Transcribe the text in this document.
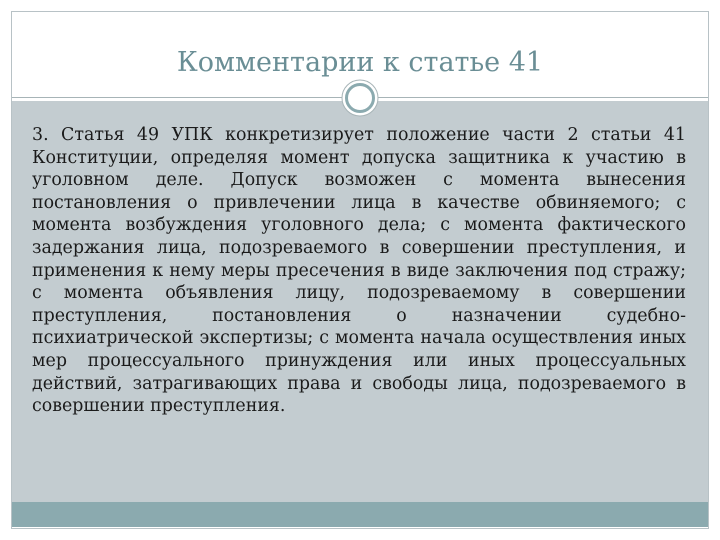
Комментарии к статье 41

3. Статья 49 УПК конкретизирует положение части 2 статьи 41 Конституции, определяя момент допуска защитника к участию в уголовном деле. Допуск возможен с момента вынесения постановления о привлечении лица в качестве обвиняемого; с момента возбуждения уголовного дела; с момента фактического задержания лица, подозреваемого в совершении преступления, и применения к нему меры пресечения в виде заключения под стражу; с момента объявления лицу, подозреваемому в совершении преступления, постановления о назначении судебно-психиатрической экспертизы; с момента начала осуществления иных мер процессуального принуждения или иных процессуальных действий, затрагивающих права и свободы лица, подозреваемого в совершении преступления.
